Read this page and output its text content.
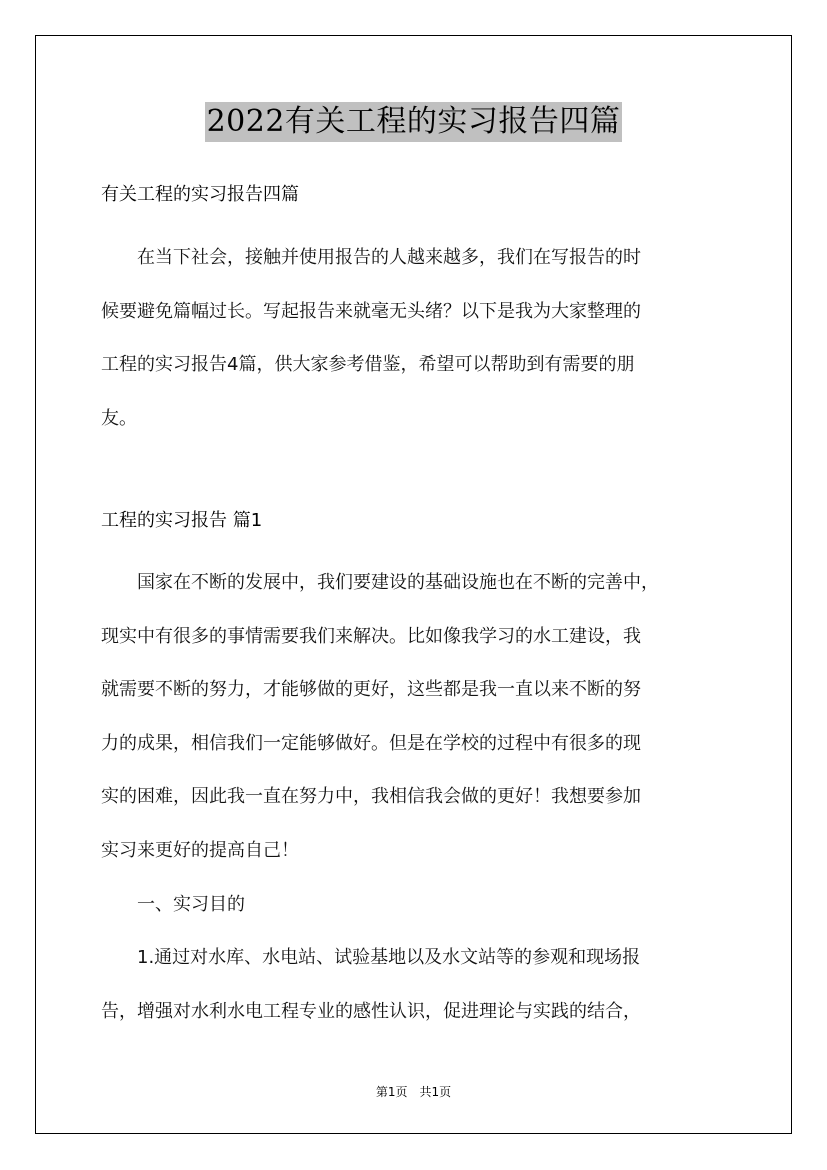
2022有关工程的实习报告四篇
有关工程的实习报告四篇
　　在当下社会，接触并使用报告的人越来越多，我们在写报告的时
候要避免篇幅过长。写起报告来就毫无头绪？以下是我为大家整理的
工程的实习报告4篇，供大家参考借鉴，希望可以帮助到有需要的朋
友。
工程的实习报告 篇1
　　国家在不断的发展中，我们要建设的基础设施也在不断的完善中，
现实中有很多的事情需要我们来解决。比如像我学习的水工建设，我
就需要不断的努力，才能够做的更好，这些都是我一直以来不断的努
力的成果，相信我们一定能够做好。但是在学校的过程中有很多的现
实的困难，因此我一直在努力中，我相信我会做的更好！我想要参加
实习来更好的提高自己！
　　一、实习目的
　　1.通过对水库、水电站、试验基地以及水文站等的参观和现场报
告，增强对水利水电工程专业的感性认识，促进理论与实践的结合，
第1页　共1页
